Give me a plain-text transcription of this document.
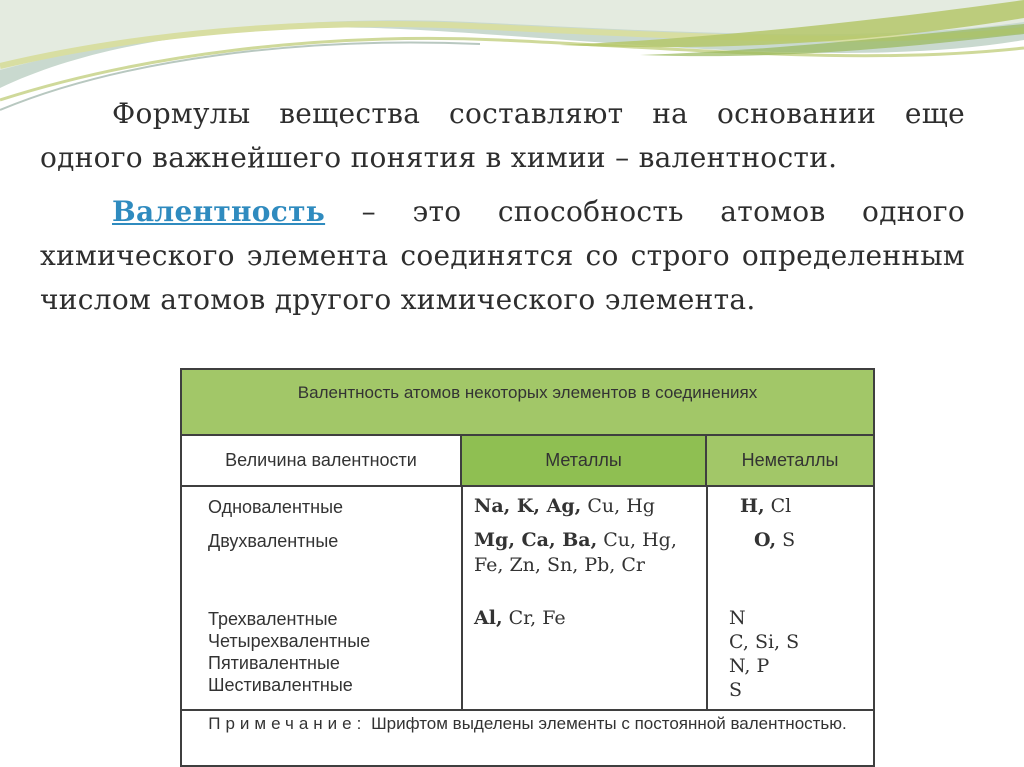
Формулы вещества составляют на основании еще одного важнейшего понятия в химии – валентности.

Валентность – это способность атомов одного химического элемента соединятся со строго определенным числом атомов другого химического элемента.

Валентность атомов некоторых элементов в соединениях
Величина валентности	Металлы	Неметаллы
Одновалентные
Двухвалентные
Трехвалентные
Четырехвалентные
Пятивалентные
Шестивалентные
Na, K, Ag, Cu, Hg
Mg, Ca, Ba, Cu, Hg, Fe, Zn, Sn, Pb, Cr
Al, Cr, Fe
H, Cl
O, S
N
C, Si, S
N, P
S
Примечание: Шрифтом выделены элементы с постоянной валентностью.
